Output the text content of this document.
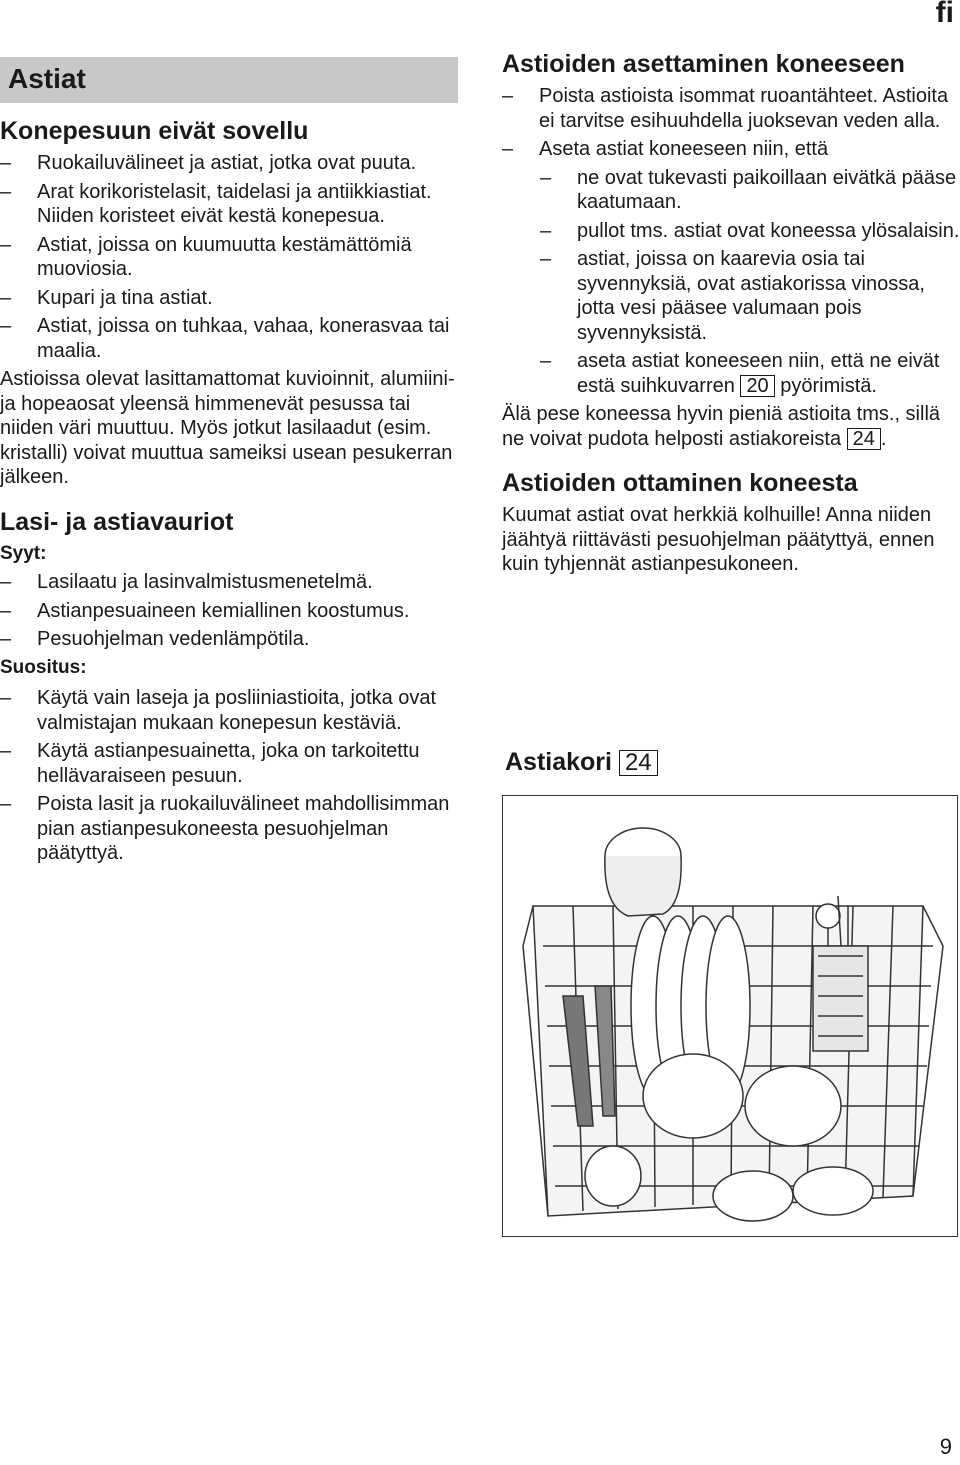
fi
Astiat
Konepesuun eivät sovellu
– Ruokailuvälineet ja astiat, jotka ovat puuta.
– Arat korikoristelasit, taidelasi ja antiikkiastiat. Niiden koristeet eivät kestä konepesua.
– Astiat, joissa on kuumuutta kestämättömiä muoviosia.
– Kupari ja tina astiat.
– Astiat, joissa on tuhkaa, vahaa, konerasvaa tai maalia.

Astioissa olevat lasittamattomat kuvioinnit, alumiini- ja hopeaosat yleensä himmenevät pesussa tai niiden väri muuttuu. Myös jotkut lasilaadut (esim. kristalli) voivat muuttua sameiksi usean pesukerran jälkeen.

Lasi- ja astiavauriot
Syyt:
– Lasilaatu ja lasinvalmistusmenetelmä.
– Astianpesuaineen kemiallinen koostumus.
– Pesuohjelman vedenlämpötila.
Suositus:
– Käytä vain laseja ja posliiniastioita, jotka ovat valmistajan mukaan konepesun kestäviä.
– Käytä astianpesuainetta, joka on tarkoitettu hellävaraiseen pesuun.
– Poista lasit ja ruokailuvälineet mahdollisimman pian astianpesukoneesta pesuohjelman päätyttyä.
Astioiden asettaminen koneeseen
– Poista astioista isommat ruoantähteet. Astioita ei tarvitse esihuuhdella juoksevan veden alla.
– Aseta astiat koneeseen niin, että
– ne ovat tukevasti paikoillaan eivätkä pääse kaatumaan.
– pullot tms. astiat ovat koneessa ylösalaisin.
– astiat, joissa on kaarevia osia tai syvennyksiä, ovat astiakorissa vinossa, jotta vesi pääsee valumaan pois syvennyksistä.
– aseta astiat koneeseen niin, että ne eivät estä suihkuvarren 20 pyörimistä.

Älä pese koneessa hyvin pieniä astioita tms., sillä ne voivat pudota helposti astiakoreista 24 .

Astioiden ottaminen koneesta

Kuumat astiat ovat herkkiä kolhuille! Anna niiden jäähtyä riittävästi pesuohjelman päätyttyä, ennen kuin tyhjennät astianpesukoneen.

Astiakori 24
9
